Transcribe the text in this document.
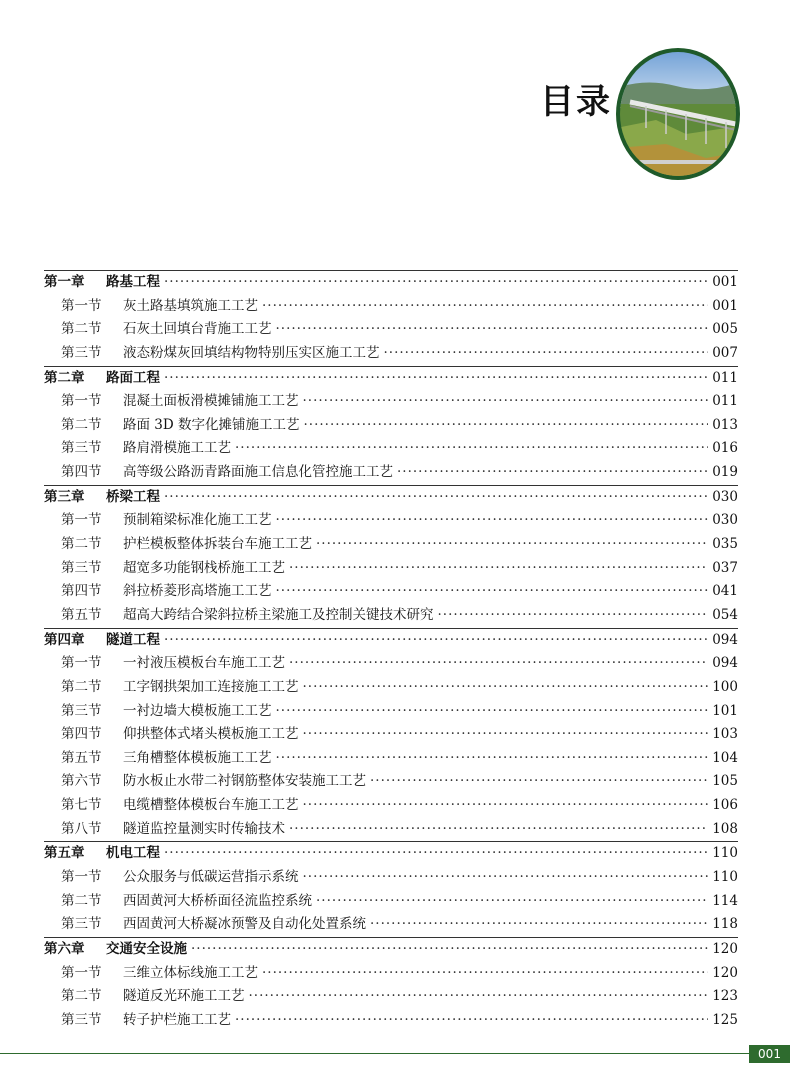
目录
第一章	路基工程 ·····	001
第一节	灰土路基填筑施工工艺 ·····	001
第二节	石灰土回填台背施工工艺 ·····	005
第三节	液态粉煤灰回填结构物特别压实区施工工艺 ·····	007
第二章	路面工程 ·····	011
第一节	混凝土面板滑模摊铺施工工艺 ·····	011
第二节	路面 3D 数字化摊铺施工工艺 ·····	013
第三节	路肩滑模施工工艺 ·····	016
第四节	高等级公路沥青路面施工信息化管控施工工艺 ·····	019
第三章	桥梁工程 ·····	030
第一节	预制箱梁标准化施工工艺 ·····	030
第二节	护栏模板整体拆装台车施工工艺 ·····	035
第三节	超宽多功能钢栈桥施工工艺 ·····	037
第四节	斜拉桥菱形高塔施工工艺 ·····	041
第五节	超高大跨结合梁斜拉桥主梁施工及控制关键技术研究 ·····	054
第四章	隧道工程 ·····	094
第一节	一衬液压模板台车施工工艺 ·····	094
第二节	工字钢拱架加工连接施工工艺 ·····	100
第三节	一衬边墙大模板施工工艺 ·····	101
第四节	仰拱整体式堵头模板施工工艺 ·····	103
第五节	三角槽整体模板施工工艺 ·····	104
第六节	防水板止水带二衬钢筋整体安装施工工艺 ·····	105
第七节	电缆槽整体模板台车施工工艺 ·····	106
第八节	隧道监控量测实时传输技术 ·····	108
第五章	机电工程 ·····	110
第一节	公众服务与低碳运营指示系统 ·····	110
第二节	西固黄河大桥桥面径流监控系统 ·····	114
第三节	西固黄河大桥凝冰预警及自动化处置系统 ·····	118
第六章	交通安全设施 ·····	120
第一节	三维立体标线施工工艺 ·····	120
第二节	隧道反光环施工工艺 ·····	123
第三节	转子护栏施工工艺 ·····	125
001
